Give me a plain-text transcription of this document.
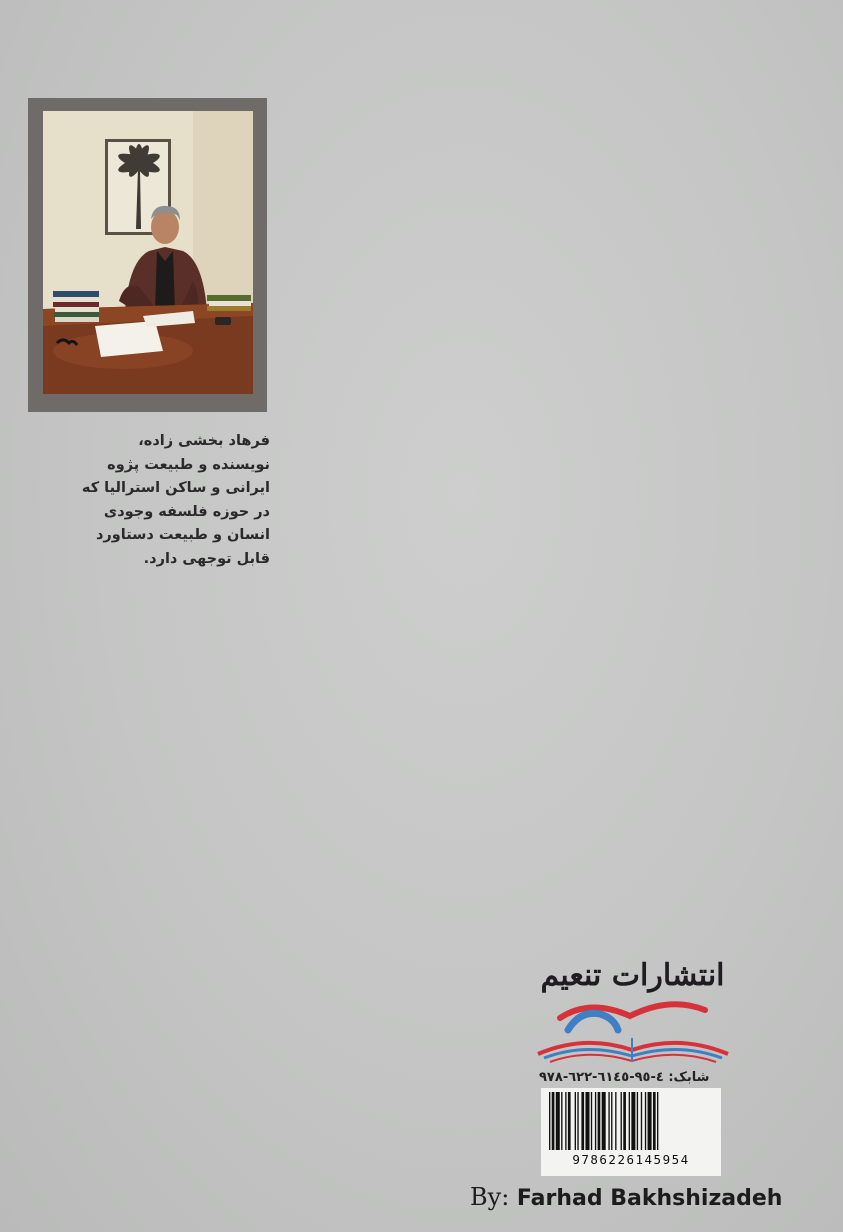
فرهاد بخشی زاده،
نویسنده و طبیعت پژوه
ایرانی و ساکن استرالیا که
در حوزه فلسفه وجودی
انسان و طبیعت دستاورد
قابل توجهی دارد.
انتشارات تنعیم
شابک: ٤-٩٥-٦١٤٥-٦٢٢-٩٧٨
9786226145954
By: Farhad Bakhshizadeh
